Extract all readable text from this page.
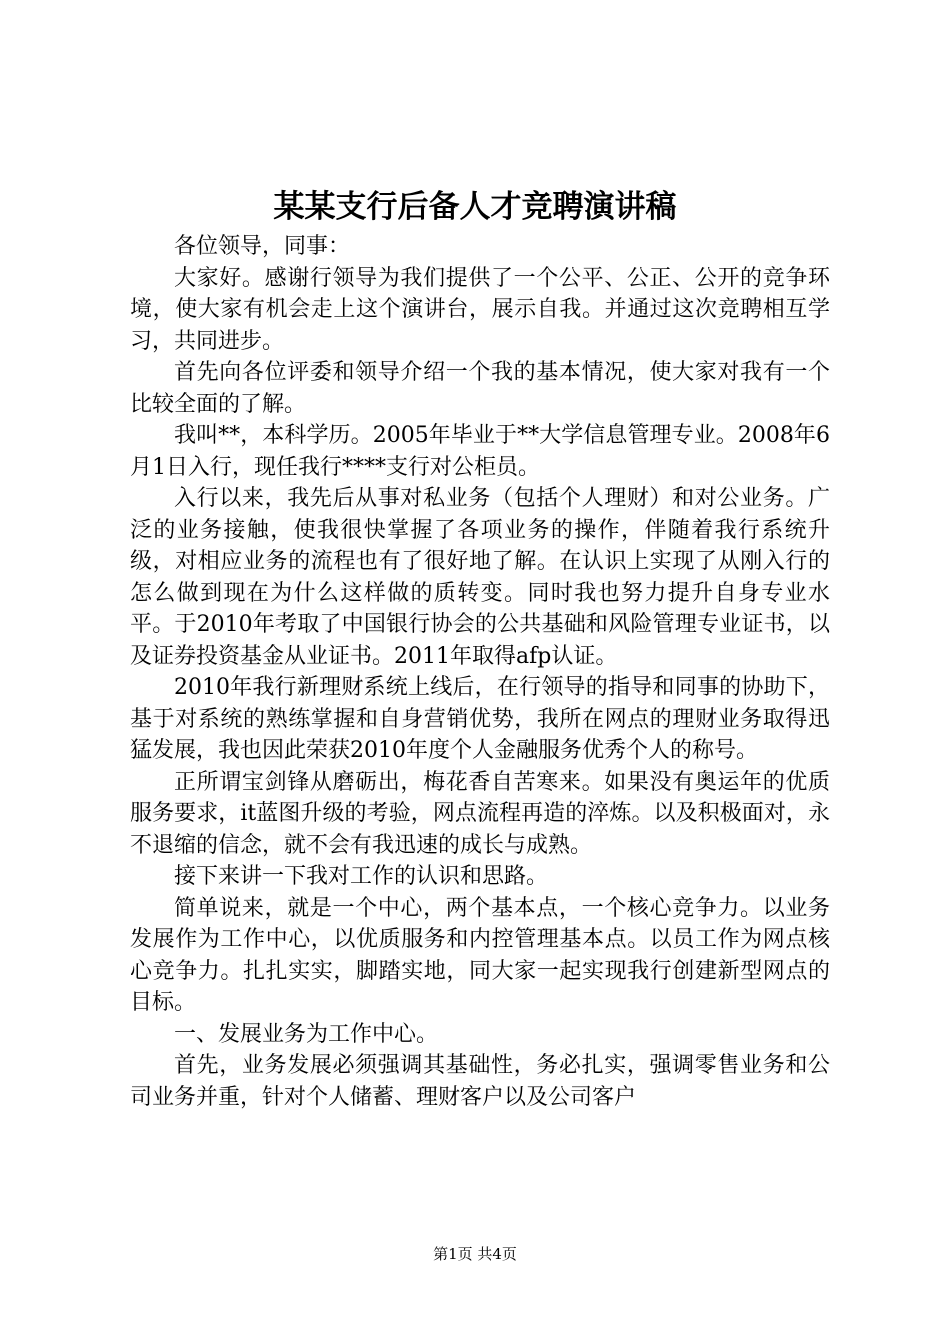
某某支行后备人才竞聘演讲稿

各位领导，同事：

大家好。感谢行领导为我们提供了一个公平、公正、公开的竞争环境，使大家有机会走上这个演讲台，展示自我。并通过这次竞聘相互学习，共同进步。

首先向各位评委和领导介绍一个我的基本情况，使大家对我有一个比较全面的了解。

我叫**，本科学历。2005年毕业于**大学信息管理专业。2008年6月1日入行，现任我行****支行对公柜员。

入行以来，我先后从事对私业务（包括个人理财）和对公业务。广泛的业务接触，使我很快掌握了各项业务的操作，伴随着我行系统升级，对相应业务的流程也有了很好地了解。在认识上实现了从刚入行的怎么做到现在为什么这样做的质转变。同时我也努力提升自身专业水平。于2010年考取了中国银行协会的公共基础和风险管理专业证书，以及证券投资基金从业证书。2011年取得afp认证。

2010年我行新理财系统上线后，在行领导的指导和同事的协助下，基于对系统的熟练掌握和自身营销优势，我所在网点的理财业务取得迅猛发展，我也因此荣获2010年度个人金融服务优秀个人的称号。

正所谓宝剑锋从磨砺出，梅花香自苦寒来。如果没有奥运年的优质服务要求，it蓝图升级的考验，网点流程再造的淬炼。以及积极面对，永不退缩的信念，就不会有我迅速的成长与成熟。

接下来讲一下我对工作的认识和思路。

简单说来，就是一个中心，两个基本点，一个核心竞争力。以业务发展作为工作中心，以优质服务和内控管理基本点。以员工作为网点核心竞争力。扎扎实实，脚踏实地，同大家一起实现我行创建新型网点的目标。

一、发展业务为工作中心。

首先，业务发展必须强调其基础性，务必扎实，强调零售业务和公司业务并重，针对个人储蓄、理财客户以及公司客户

第1页 共4页
